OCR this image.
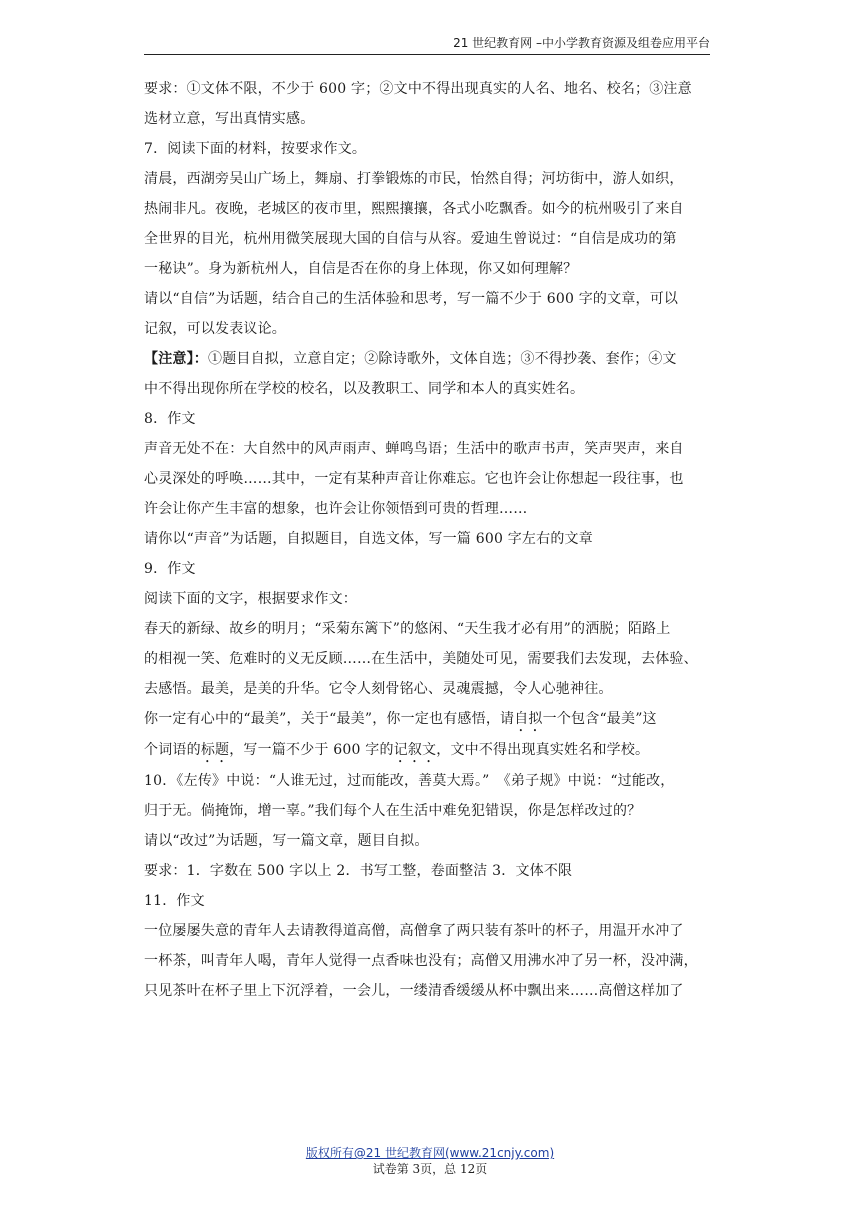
21 世纪教育网 –中小学教育资源及组卷应用平台

要求：①文体不限，不少于 600 字；②文中不得出现真实的人名、地名、校名；③注意

选材立意，写出真情实感。

7．阅读下面的材料，按要求作文。

清晨，西湖旁吴山广场上，舞扇、打拳锻炼的市民，怡然自得；河坊街中，游人如织，

热闹非凡。夜晚，老城区的夜市里，熙熙攘攘，各式小吃飘香。如今的杭州吸引了来自

全世界的目光，杭州用微笑展现大国的自信与从容。爱迪生曾说过：“自信是成功的第

一秘诀”。身为新杭州人，自信是否在你的身上体现，你又如何理解？

请以“自信”为话题，结合自己的生活体验和思考，写一篇不少于 600 字的文章，可以

记叙，可以发表议论。

【注意】：①题目自拟，立意自定；②除诗歌外，文体自选；③不得抄袭、套作；④文

中不得出现你所在学校的校名，以及教职工、同学和本人的真实姓名。

8．作文

声音无处不在：大自然中的风声雨声、蝉鸣鸟语；生活中的歌声书声，笑声哭声，来自

心灵深处的呼唤……其中，一定有某种声音让你难忘。它也许会让你想起一段往事，也

许会让你产生丰富的想象，也许会让你领悟到可贵的哲理……

请你以“声音”为话题，自拟题目，自选文体，写一篇 600 字左右的文章

9．作文

阅读下面的文字，根据要求作文：

春天的新绿、故乡的明月；“采菊东篱下”的悠闲、“天生我才必有用”的洒脱；陌路上

的相视一笑、危难时的义无反顾……在生活中，美随处可见，需要我们去发现，去体验、

去感悟。最美，是美的升华。它令人刻骨铭心、灵魂震撼，令人心驰神往。

你一定有心中的“最美”，关于“最美”，你一定也有感悟，请自拟一个包含“最美”这

个词语的标题，写一篇不少于 600 字的记叙文，文中不得出现真实姓名和学校。

10．《左传》中说：“人谁无过，过而能改，善莫大焉。”　《弟子规》中说：“过能改，

归于无。倘掩饰，增一辜。”我们每个人在生活中难免犯错误，你是怎样改过的？

请以“改过”为话题，写一篇文章，题目自拟。

要求：1．字数在 500 字以上 2．书写工整，卷面整洁 3．文体不限

11．作文

一位屡屡失意的青年人去请教得道高僧，高僧拿了两只装有茶叶的杯子，用温开水冲了

一杯茶，叫青年人喝，青年人觉得一点香味也没有；高僧又用沸水冲了另一杯，没冲满，

只见茶叶在杯子里上下沉浮着，一会儿，一缕清香缓缓从杯中飘出来……高僧这样加了

版权所有@21 世纪教育网(www.21cnjy.com)
试卷第 3页，总 12页
